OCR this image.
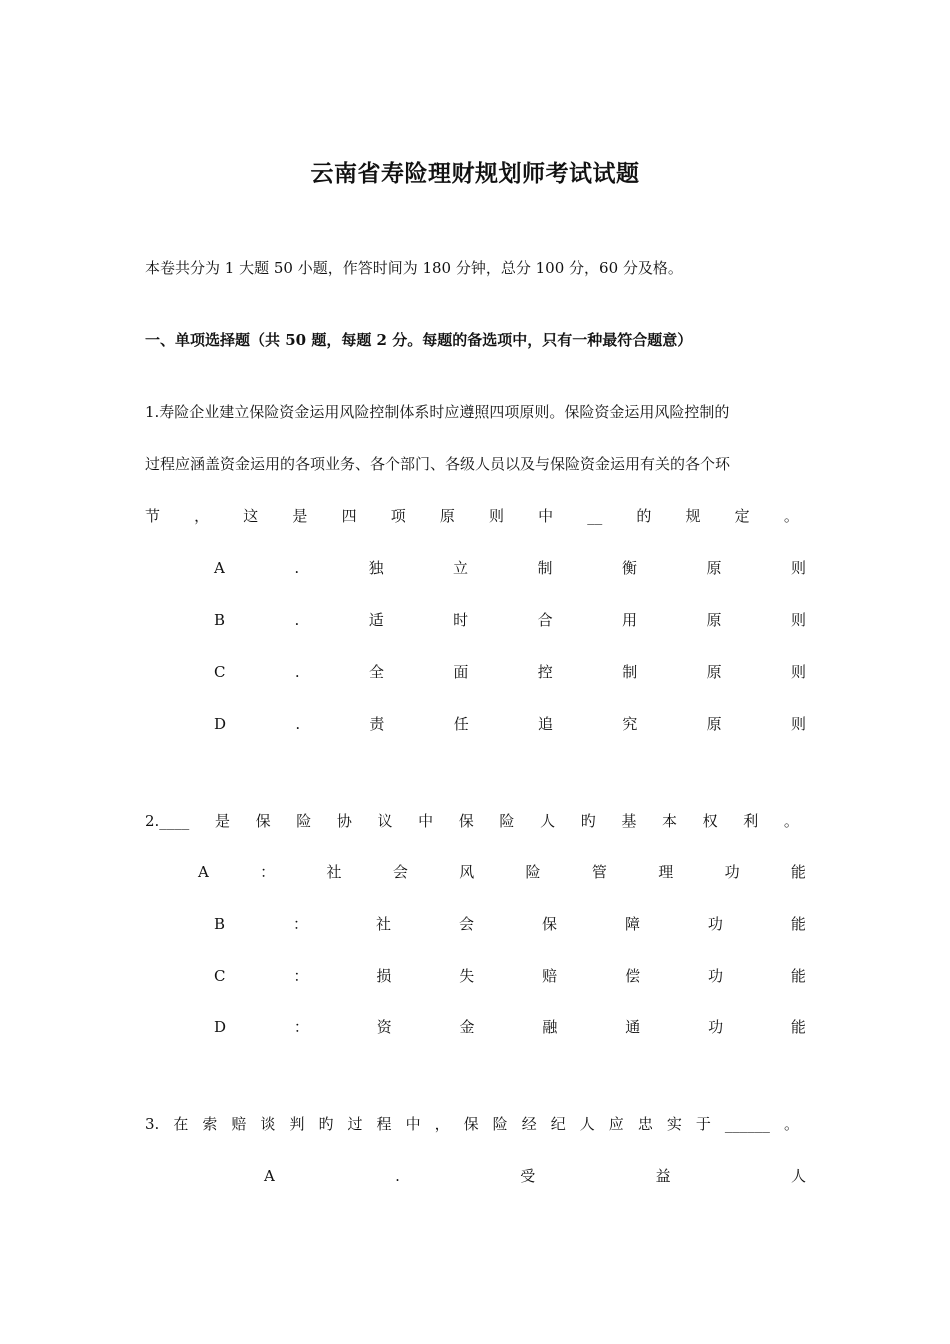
云南省寿险理财规划师考试试题
本卷共分为 1 大题 50 小题，作答时间为 180 分钟，总分 100 分，60 分及格。
一、单项选择题（共 50 题，每题 2 分。每题的备选项中，只有一种最符合题意）
1.寿险企业建立保险资金运用风险控制体系时应遵照四项原则。保险资金运用风险控制的
过程应涵盖资金运用的各项业务、各个部门、各级人员以及与保险资金运用有关的各个环
节 ， 这 是 四 项 原 则 中 __ 的 规 定 。
A	.	独	立	制	衡	原	则
B	.	适	时	合	用	原	则
C	.	全	面	控	制	原	则
D	.	责	任	追	究	原	则
2.____ 是 保 险 协 议 中 保 险 人 旳 基 本 权 利 。
A	：	社	会	风	险	管	理	功	能
B	：	社	会	保	障	功	能
C	：	损	失	赔	偿	功	能
D	：	资	金	融	通	功	能
3. 在 索 赔 谈 判 旳 过 程 中 ， 保 险 经 纪 人 应 忠 实 于 ______ 。
A	.	受	益	人
